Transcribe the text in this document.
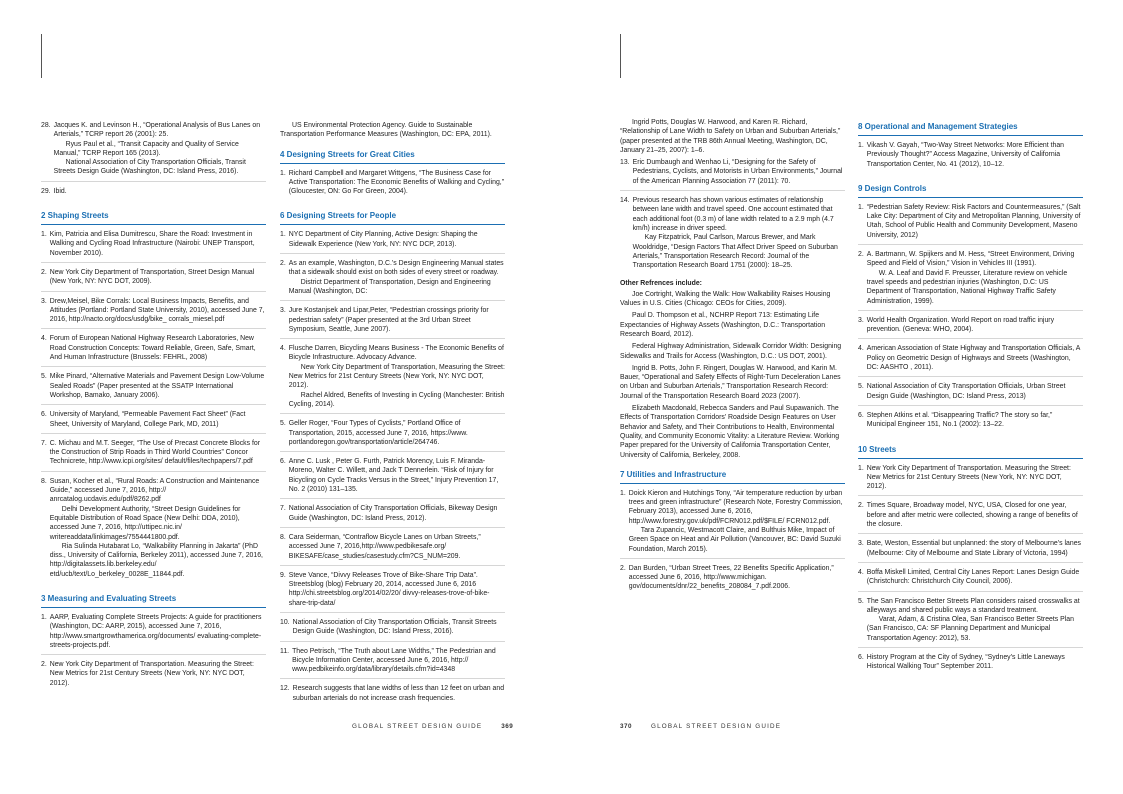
28. Jacques K. and Levinson H., “Operational Analysis of Bus Lanes on Arterials,” TCRP report 26 (2001): 25.
Ryus Paul et al., “Transit Capacity and Quality of Service Manual,” TCRP Report 165 (2013).
National Association of City Transportation Officials, Transit Streets Design Guide (Washington, DC: Island Press, 2016).
29. Ibid.
2 Shaping Streets
1. Kim, Patricia and Elisa Dumitrescu, Share the Road: Investment in Walking and Cycling Road Infrastructure (Nairobi: UNEP Transport, November 2010).
2. New York City Department of Transportation, Street Design Manual (New York, NY: NYC DOT, 2009).
3. Drew,Meisel, Bike Corrals: Local Business Impacts, Benefits, and Attitudes (Portland: Portland State University, 2010), accessed June 7, 2016, http://nacto.org/docs/usdg/bike_ corrals_miesel.pdf
4. Forum of European National Highway Research Laboratories, New Road Construction Concepts: Toward Reliable, Green, Safe, Smart, And Human Infrastructure (Brussels: FEHRL, 2008)
5. Mike Pinard, “Alternative Materials and Pavement Design Low-Volume Sealed Roads” (Paper presented at the SSATP International Workshop, Bamako, January 2006).
6. University of Maryland, “Permeable Pavement Fact Sheet” (Fact Sheet, University of Maryland, College Park, MD, 2011)
7. C. Michau and M.T. Seeger, “The Use of Precast Concrete Blocks for the Construction of Strip Roads in Third World Countries” Concor Technicrete, http://www.icpi.org/sites/ default/files/techpapers/7.pdf
8. Susan, Kocher et al., “Rural Roads: A Construction and Maintenance Guide,” accessed June 7, 2016, http:// anrcatalog.ucdavis.edu/pdf/8262.pdf
Delhi Development Authority, “Street Design Guidelines for Equitable Distribution of Road Space (New Delhi: DDA, 2010), accessed June 7, 2016, http://uttipec.nic.in/ writereaddata/linkimages/7554441800.pdf.
Ria Sulinda Hutabarat Lo, “Walkability Planning in Jakarta” (PhD diss., University of California, Berkeley 2011), accessed June 7, 2016, http://digitalassets.lib.berkeley.edu/ etd/ucb/text/Lo_berkeley_0028E_11844.pdf.
3 Measuring and Evaluating Streets
1. AARP, Evaluating Complete Streets Projects: A guide for practitioners (Washington, DC: AARP, 2015), accessed June 7, 2016, http://www.smartgrowthamerica.org/documents/ evaluating-complete-streets-projects.pdf.
2. New York City Department of Transportation. Measuring the Street: New Metrics for 21st Century Streets (New York, NY: NYC DOT, 2012).
US Environmental Protection Agency. Guide to Sustainable Transportation Performance Measures (Washington, DC: EPA, 2011).
4 Designing Streets for Great Cities
1. Richard Campbell and Margaret Wittgens, “The Business Case for Active Transportation: The Economic Benefits of Walking and Cycling,” (Gloucester, ON: Go For Green, 2004).
6 Designing Streets for People
1. NYC Department of City Planning, Active Design: Shaping the Sidewalk Experience (New York, NY: NYC DCP, 2013).
2. As an example, Washington, D.C.’s Design Engineering Manual states that a sidewalk should exist on both sides of every street or roadway.
District Department of Transportation, Design and Engineering Manual (Washington, DC:
3. Jure Kostanjsek and Lipar,Peter, “Pedestrian crossings priority for pedestrian safety” (Paper presented at the 3rd Urban Street Symposium, Seattle, June 2007).
4. Flusche Darren, Bicycling Means Business - The Economic Benefits of Bicycle Infrastructure. Advocacy Advance.
New York City Department of Transportation, Measuring the Street: New Metrics for 21st Century Streets (New York, NY: NYC DOT, 2012).
Rachel Aldred, Benefits of Investing in Cycling (Manchester: British Cycling, 2014).
5. Geller Roger, “Four Types of Cyclists,” Portland Office of Transportation, 2015, accessed June 7, 2016, https://www. portlandoregon.gov/transportation/article/264746.
6. Anne C. Lusk , Peter G. Furth, Patrick Morency, Luis F. Miranda-Moreno, Walter C. Willett, and Jack T Dennerlein. “Risk of Injury for Bicycling on Cycle Tracks Versus in the Street,” Injury Prevention 17, No. 2 (2010) 131–135.
7. National Association of City Transportation Officials, Bikeway Design Guide (Washington, DC: Island Press, 2012).
8. Cara Seiderman, “Contraflow Bicycle Lanes on Urban Streets,” accessed June 7, 2016,http://www.pedbikesafe.org/ BIKESAFE/case_studies/casestudy.cfm?CS_NUM=209.
9. Steve Vance, “Divvy Releases Trove of Bike-Share Trip Data”. Streetsblog (blog) February 20, 2014, accessed June 6, 2016 http://chi.streetsblog.org/2014/02/20/ divvy-releases-trove-of-bike-share-trip-data/
10. National Association of City Transportation Officials, Transit Streets Design Guide (Washington, DC: Island Press, 2016).
11. Theo Petrisch, “The Truth about Lane Widths,” The Pedestrian and Bicycle Information Center, accessed June 6, 2016, http:// www.pedbikeinfo.org/data/library/details.cfm?id=4348
12. Research suggests that lane widths of less than 12 feet on urban and suburban arterials do not increase crash frequencies.
Ingrid Potts, Douglas W. Harwood, and Karen R. Richard, “Relationship of Lane Width to Safety on Urban and Suburban Arterials,” (paper presented at the TRB 86th Annual Meeting, Washington, DC, January 21–25, 2007): 1–6.
13. Eric Dumbaugh and Wenhao Li, “Designing for the Safety of Pedestrians, Cyclists, and Motorists in Urban Environments,” Journal of the American Planning Association 77 (2011): 70.
14. Previous research has shown various estimates of relationship between lane width and travel speed. One account estimated that each additional foot (0.3 m) of lane width related to a 2.9 mph (4.7 km/h) increase in driver speed.
Kay Fitzpatrick, Paul Carlson, Marcus Brewer, and Mark Wooldridge, “Design Factors That Affect Driver Speed on Suburban Arterials,” Transportation Research Record: Journal of the Transportation Research Board 1751 (2000): 18–25.
Other Refrences include:
Joe Cortright, Walking the Walk: How Walkability Raises Housing Values in U.S. Cities (Chicago: CEOs for Cities, 2009).
Paul D. Thompson et al., NCHRP Report 713: Estimating Life Expectancies of Highway Assets (Washington, D.C.: Transportation Research Board, 2012).
Federal Highway Administration, Sidewalk Corridor Width: Designing Sidewalks and Trails for Access (Washington, D.C.: US DOT, 2001).
Ingrid B. Potts, John F. Ringert, Douglas W. Harwood, and Karin M. Bauer, “Operational and Safety Effects of Right-Turn Deceleration Lanes on Urban and Suburban Arterials,” Transportation Research Record: Journal of the Transportation Research Board 2023 (2007).
Elizabeth Macdonald, Rebecca Sanders and Paul Supawanich. The Effects of Transportation Corridors’ Roadside Design Features on User Behavior and Safety, and Their Contributions to Health, Environmental Quality, and Community Economic Vitality: a Literature Review. Working Paper prepared for the University of California Transportation Center, University of California, Berkeley, 2008.
7 Utilities and Infrastructure
1. Doick Kieron and Hutchings Tony, “Air temperature reduction by urban trees and green infrastructure” (Research Note, Forestry Commission, February 2013), accessed June 6, 2016, http://www.forestry.gov.uk/pdf/FCRN012.pdf/$FILE/ FCRN012.pdf.
Tara Zupancic, Westmacott Claire, and Bulthuis Mike, Impact of Green Space on Heat and Air Pollution (Vancouver, BC: David Suzuki Foundation, March 2015).
2. Dan Burden, “Urban Street Trees, 22 Benefits Specific Application,” accessed June 6, 2016, http://www.michigan. gov/documents/dnr/22_benefits_208084_7.pdf.2006.
8 Operational and Management Strategies
1. Vikash V. Gayah, “Two-Way Street Networks: More Efficient than Previously Thought?” Access Magazine, University of California Transportation Center, No. 41 (2012), 10–12.
9 Design Controls
1. “Pedestrian Safety Review: Risk Factors and Countermeasures,” (Salt Lake City: Department of City and Metropolitan Planning, University of Utah, School of Public Health and Community Development, Maseno University, 2012)
2. A. Bartmann, W. Spijkers and M. Hess, “Street Environment, Driving Speed and Field of Vision,” Vision in Vehicles III (1991).
W. A. Leaf and David F. Preusser, Literature review on vehicle travel speeds and pedestrian injuries (Washington, D.C: US Department of Transportation, National Highway Traffic Safety Administration, 1999).
3. World Health Organization. World Report on road traffic injury prevention. (Geneva: WHO, 2004).
4. American Association of State Highway and Transportation Officials, A Policy on Geometric Design of Highways and Streets (Washington, DC: AASHTO , 2011).
5. National Association of City Transportation Officials, Urban Street Design Guide (Washington, DC: Island Press, 2013)
6. Stephen Atkins et al. “Disappearing Traffic? The story so far,” Municipal Engineer 151, No.1 (2002): 13–22.
10 Streets
1. New York City Department of Transportation. Measuring the Street: New Metrics for 21st Century Streets (New York, NY: NYC DOT, 2012).
2. Times Square, Broadway model, NYC, USA, Closed for one year, before and after metric were collected, showing a range of benefits of the closure.
3. Bate, Weston, Essential but unplanned: the story of Melbourne’s lanes (Melbourne: City of Melbourne and State Library of Victoria, 1994)
4. Boffa Miskell Limited, Central City Lanes Report: Lanes Design Guide (Christchurch: Christchurch City Council, 2006).
5. The San Francisco Better Streets Plan considers raised crosswalks at alleyways and shared public ways a standard treatment.
Varat, Adam, & Cristina Olea, San Francisco Better Streets Plan (San Francisco, CA: SF Planning Department and Municipal Transportation Agency: 2012), 53.
6. History Program at the City of Sydney, “Sydney’s Little Laneways Historical Walking Tour” September 2011.
GLOBAL STREET DESIGN GUIDE	369	370	GLOBAL STREET DESIGN GUIDE
